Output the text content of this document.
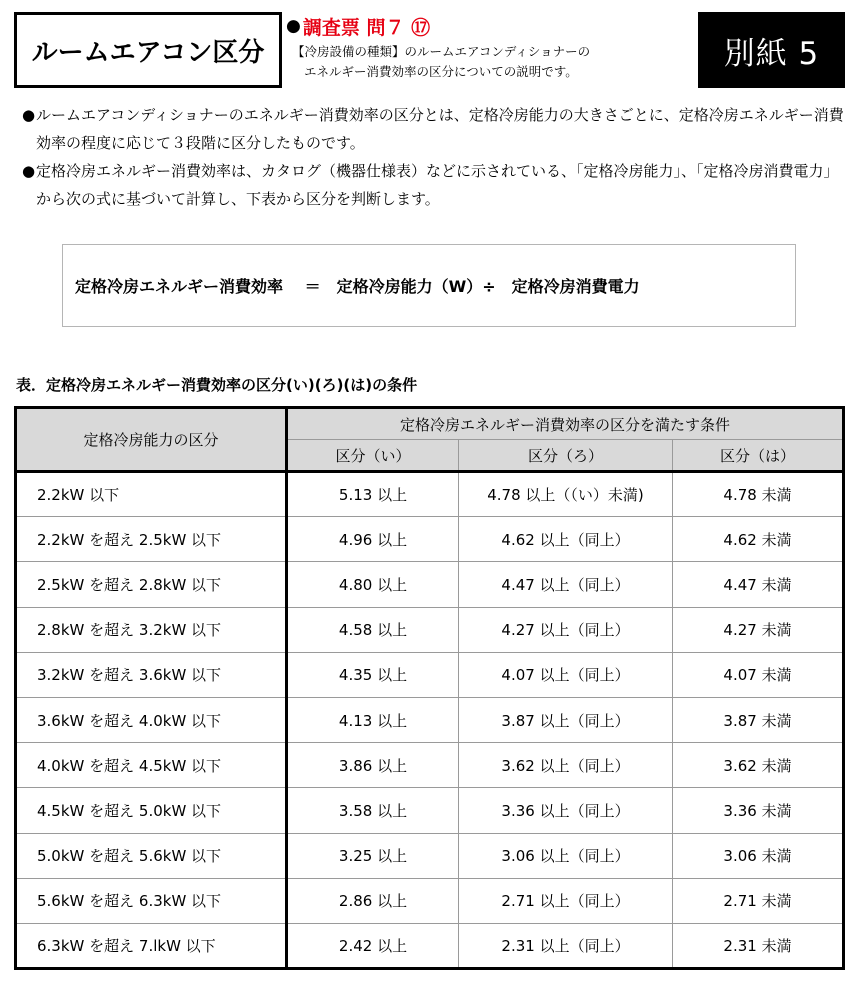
ルームエアコン区分
● 調査票 問７ ⑰
【冷房設備の種類】のルームエアコンディショナーの
エネルギー消費効率の区分についての説明です。	別紙 5
● ルームエアコンディショナーのエネルギー消費効率の区分とは、定格冷房能力の大きさごとに、定格冷房エネルギー消費効率の程度に応じて３段階に区分したものです。
● 定格冷房エネルギー消費効率は、カタログ（機器仕様表）などに示されている、「定格冷房能力」、「定格冷房消費電力」から次の式に基づいて計算し、下表から区分を判断します。
定格冷房エネルギー消費効率　 ＝　定格冷房能力（W）÷　定格冷房消費電力
表．定格冷房エネルギー消費効率の区分(い)(ろ)(は)の条件
定格冷房能力の区分	定格冷房エネルギー消費効率の区分を満たす条件		
	区分（い）	区分（ろ）	区分（は）
2.2kW 以下	5.13 以上	4.78 以上（（い）未満)	4.78 未満
2.2kW を超え 2.5kW 以下	4.96 以上	4.62 以上（同上）	4.62 未満
2.5kW を超え 2.8kW 以下	4.80 以上	4.47 以上（同上）	4.47 未満
2.8kW を超え 3.2kW 以下	4.58 以上	4.27 以上（同上）	4.27 未満
3.2kW を超え 3.6kW 以下	4.35 以上	4.07 以上（同上）	4.07 未満
3.6kW を超え 4.0kW 以下	4.13 以上	3.87 以上（同上）	3.87 未満
4.0kW を超え 4.5kW 以下	3.86 以上	3.62 以上（同上）	3.62 未満
4.5kW を超え 5.0kW 以下	3.58 以上	3.36 以上（同上）	3.36 未満
5.0kW を超え 5.6kW 以下	3.25 以上	3.06 以上（同上）	3.06 未満
5.6kW を超え 6.3kW 以下	2.86 以上	2.71 以上（同上）	2.71 未満
6.3kW を超え 7.lkW 以下	2.42 以上	2.31 以上（同上）	2.31 未満
